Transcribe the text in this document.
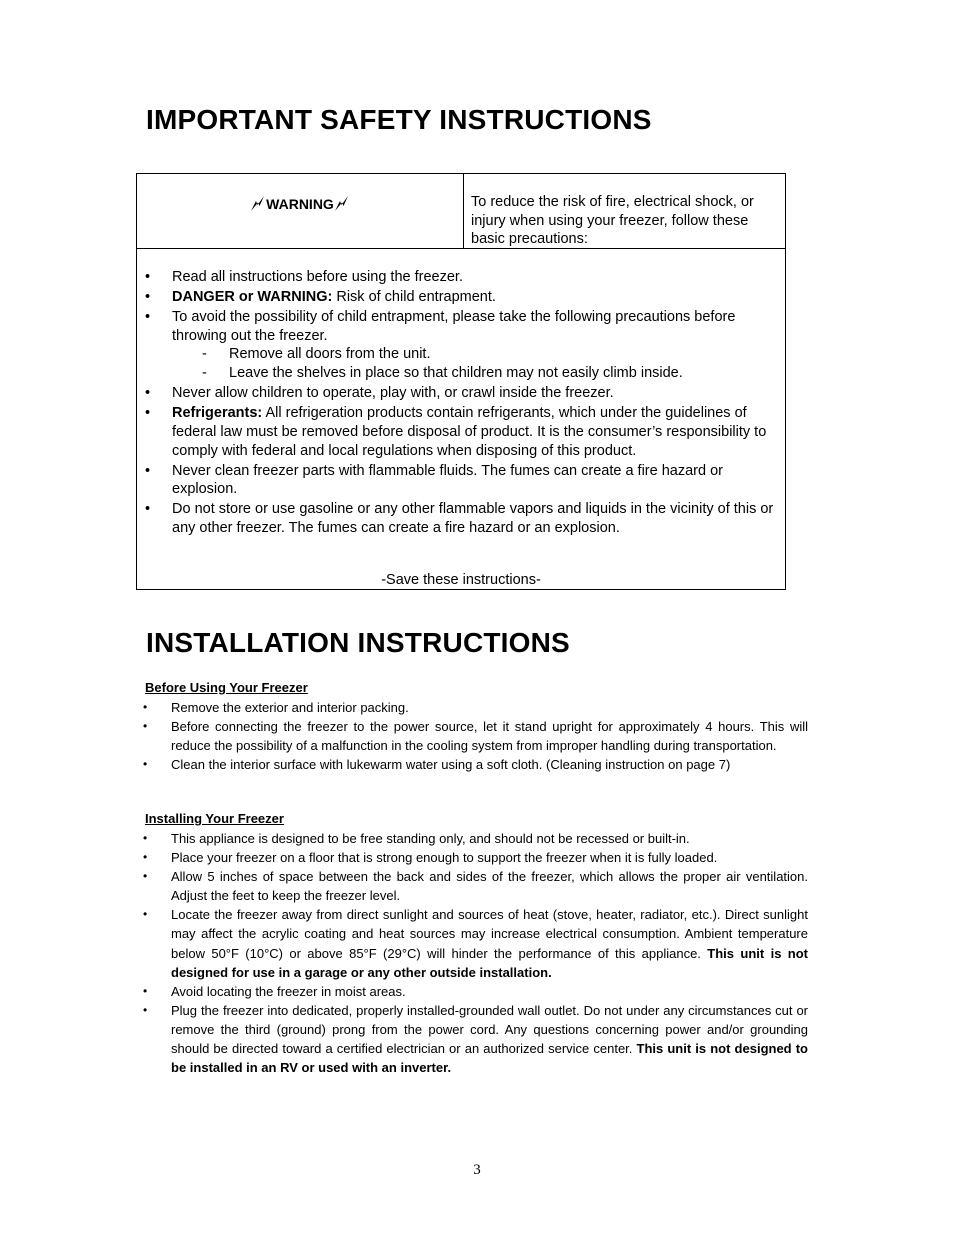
IMPORTANT SAFETY INSTRUCTIONS
WARNING	To reduce the risk of fire, electrical shock, or injury when using your freezer, follow these basic precautions:

• Read all instructions before using the freezer.
• DANGER or WARNING: Risk of child entrapment.
• To avoid the possibility of child entrapment, please take the following precautions before throwing out the freezer.
- Remove all doors from the unit.
- Leave the shelves in place so that children may not easily climb inside.
• Never allow children to operate, play with, or crawl inside the freezer.
• Refrigerants: All refrigeration products contain refrigerants, which under the guidelines of federal law must be removed before disposal of product. It is the consumer’s responsibility to comply with federal and local regulations when disposing of this product.
• Never clean freezer parts with flammable fluids. The fumes can create a fire hazard or explosion.
• Do not store or use gasoline or any other flammable vapors and liquids in the vicinity of this or any other freezer. The fumes can create a fire hazard or an explosion.
-Save these instructions-
INSTALLATION INSTRUCTIONS
Before Using Your Freezer
• Remove the exterior and interior packing.
• Before connecting the freezer to the power source, let it stand upright for approximately 4 hours. This will reduce the possibility of a malfunction in the cooling system from improper handling during transportation.
• Clean the interior surface with lukewarm water using a soft cloth. (Cleaning instruction on page 7)
Installing Your Freezer
• This appliance is designed to be free standing only, and should not be recessed or built-in.
• Place your freezer on a floor that is strong enough to support the freezer when it is fully loaded.
• Allow 5 inches of space between the back and sides of the freezer, which allows the proper air ventilation. Adjust the feet to keep the freezer level.
• Locate the freezer away from direct sunlight and sources of heat (stove, heater, radiator, etc.). Direct sunlight may affect the acrylic coating and heat sources may increase electrical consumption. Ambient temperature below 50°F (10°C) or above 85°F (29°C) will hinder the performance of this appliance. This unit is not designed for use in a garage or any other outside installation.
• Avoid locating the freezer in moist areas.
• Plug the freezer into dedicated, properly installed-grounded wall outlet. Do not under any circumstances cut or remove the third (ground) prong from the power cord. Any questions concerning power and/or grounding should be directed toward a certified electrician or an authorized service center. This unit is not designed to be installed in an RV or used with an inverter.
3
